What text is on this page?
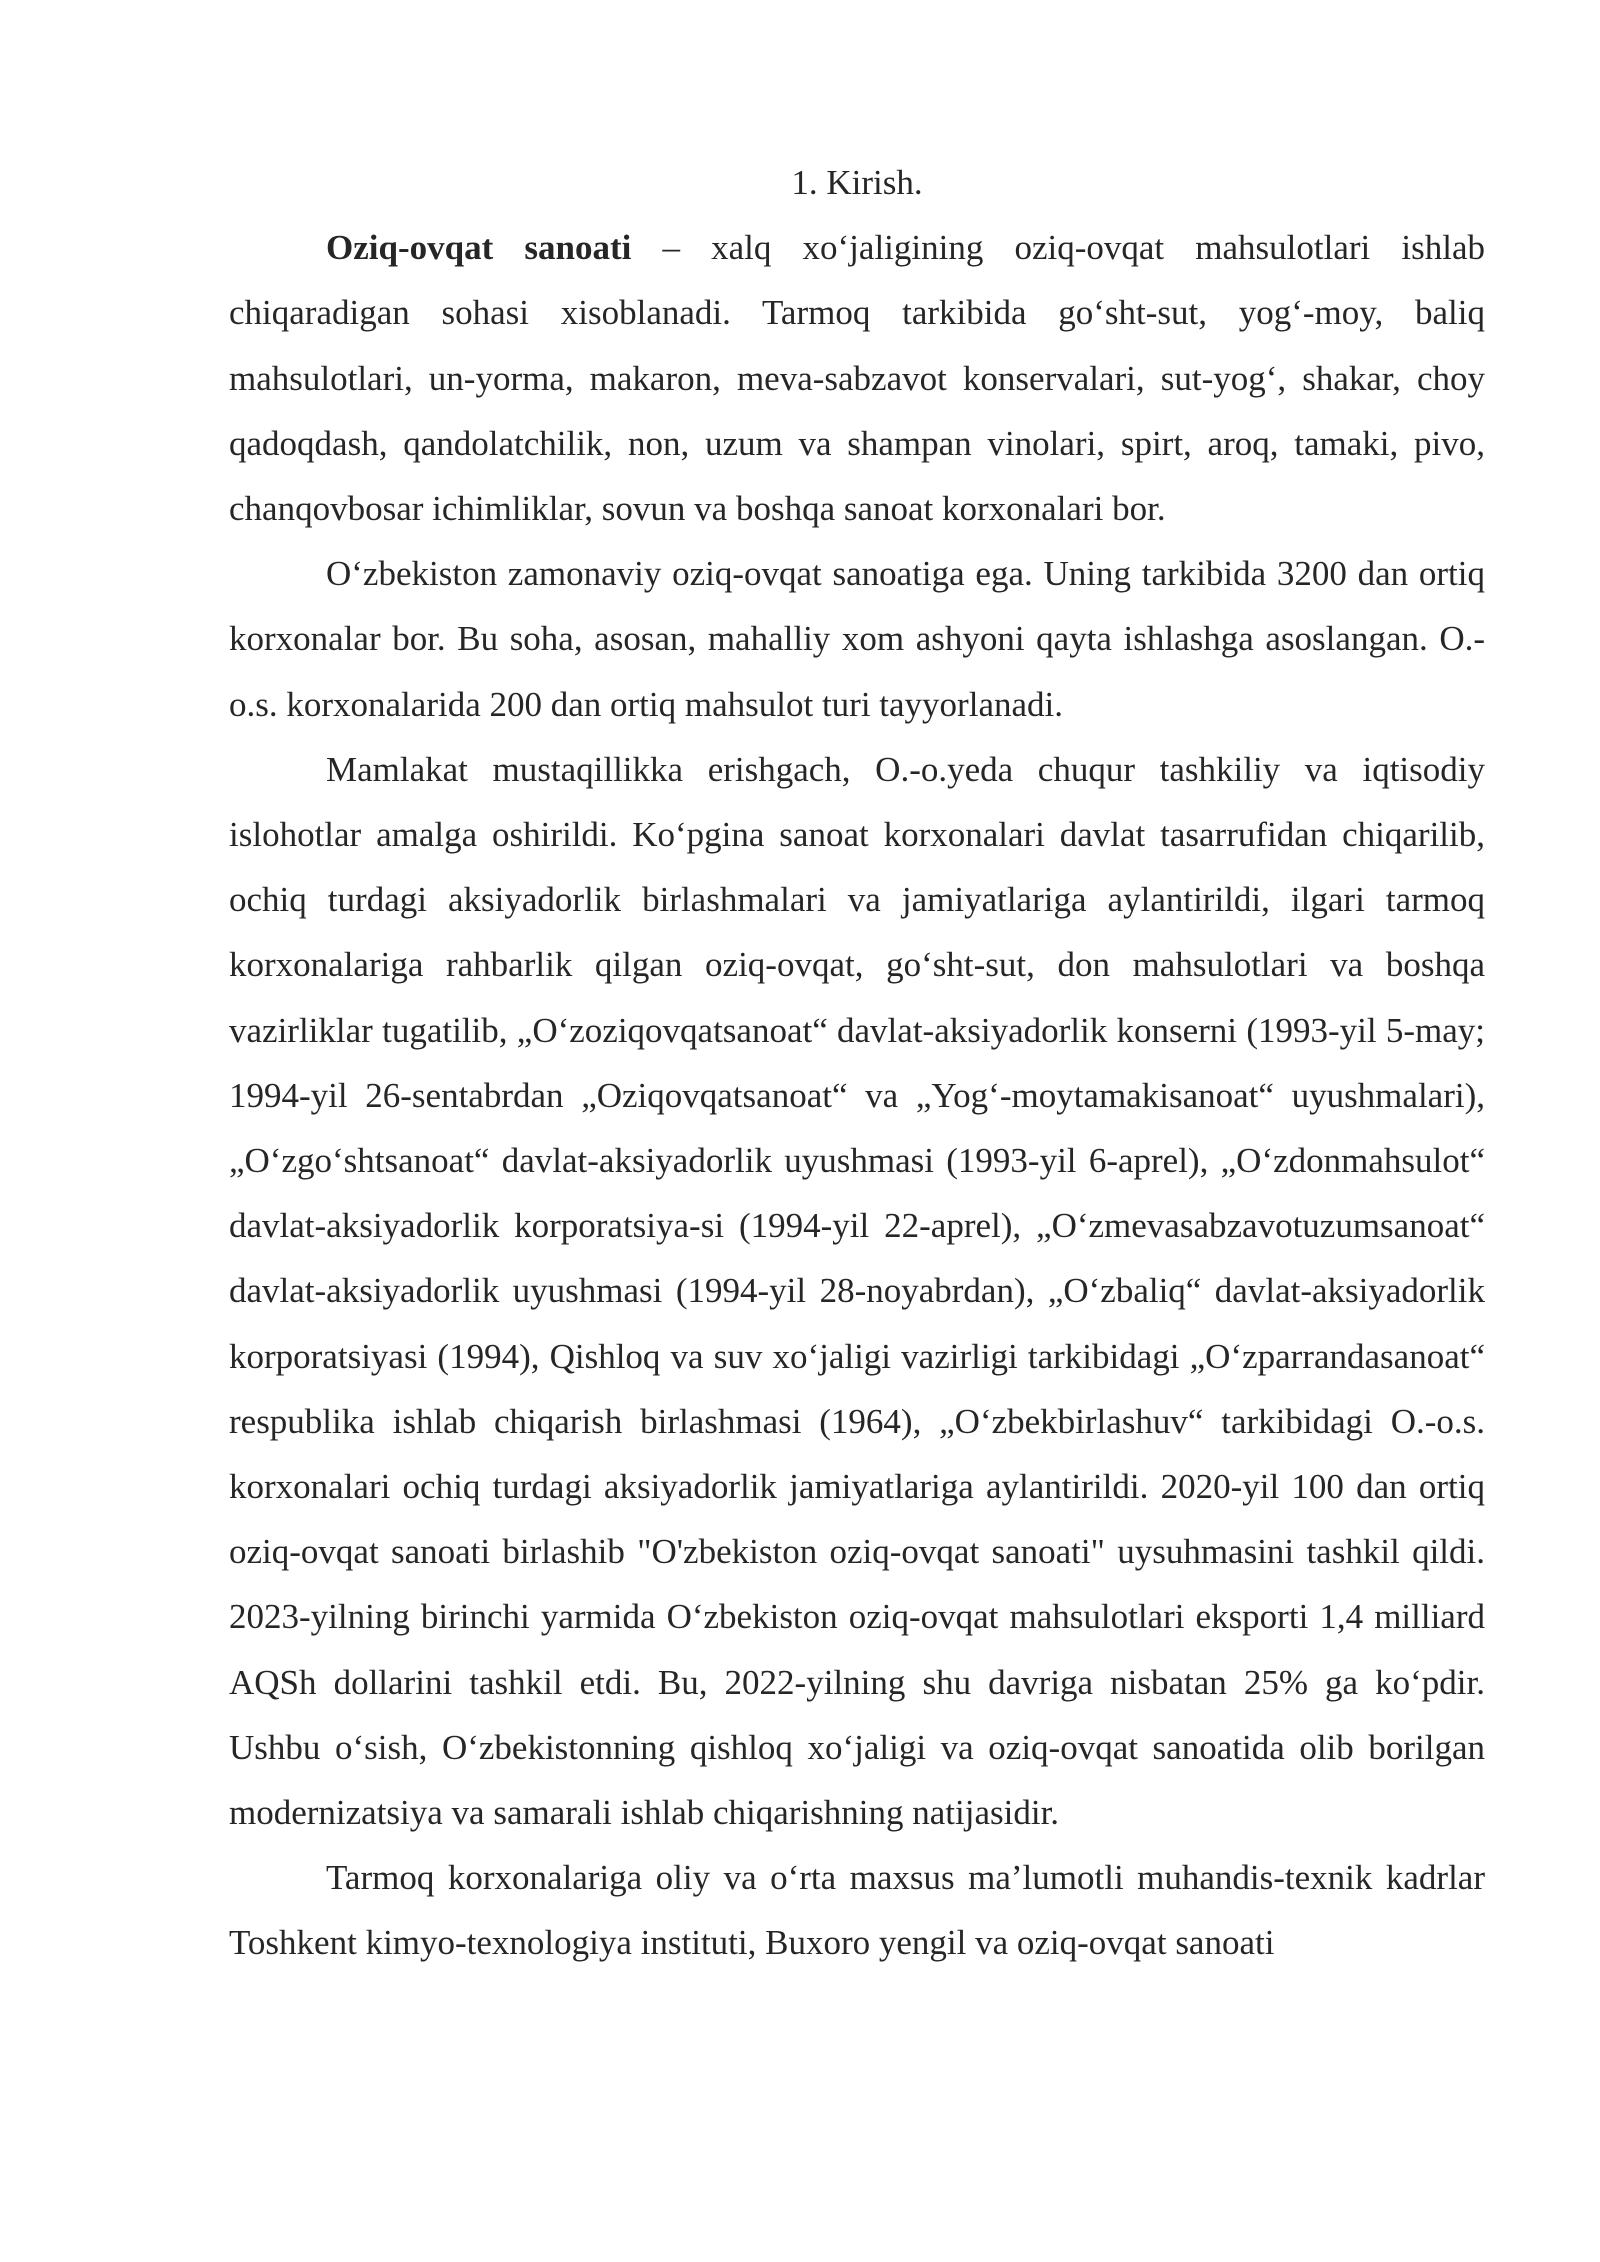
1. Kirish.

Oziq-ovqat sanoati – xalq xo‘jaligining oziq-ovqat mahsulotlari ishlab chiqaradigan sohasi xisoblanadi. Tarmoq tarkibida go‘sht-sut, yog‘-moy, baliq mahsulotlari, un-yorma, makaron, meva-sabzavot konservalari, sut-yog‘, shakar, choy qadoqdash, qandolatchilik, non, uzum va shampan vinolari, spirt, aroq, tamaki, pivo, chanqovbosar ichimliklar, sovun va boshqa sanoat korxonalari bor.

O‘zbekiston zamonaviy oziq-ovqat sanoatiga ega. Uning tarkibida 3200 dan ortiq korxonalar bor. Bu soha, asosan, mahalliy xom ashyoni qayta ishlashga asoslangan. O.-o.s. korxonalarida 200 dan ortiq mahsulot turi tayyorlanadi.

Mamlakat mustaqillikka erishgach, O.-o.yeda chuqur tashkiliy va iqtisodiy islohotlar amalga oshirildi. Ko‘pgina sanoat korxonalari davlat tasarrufidan chiqarilib, ochiq turdagi aksiyadorlik birlashmalari va jamiyatlariga aylantirildi, ilgari tarmoq korxonalariga rahbarlik qilgan oziq-ovqat, go‘sht-sut, don mahsulotlari va boshqa vazirliklar tugatilib, „O‘zoziqovqatsanoat“ davlat-aksiyadorlik konserni (1993-yil 5-may; 1994-yil 26-sentabrdan „Oziqovqatsanoat“ va „Yog‘-moytamakisanoat“ uyushmalari), „O‘zgo‘shtsanoat“ davlat-aksiyadorlik uyushmasi (1993-yil 6-aprel), „O‘zdonmahsulot“ davlat-aksiyadorlik korporatsiya-si (1994-yil 22-aprel), „O‘zmevasabzavotuzumsanoat“ davlat-aksiyadorlik uyushmasi (1994-yil 28-noyabrdan), „O‘zbaliq“ davlat-aksiyadorlik korporatsiyasi (1994), Qishloq va suv xo‘jaligi vazirligi tarkibidagi „O‘zparrandasanoat“ respublika ishlab chiqarish birlashmasi (1964), „O‘zbekbirlashuv“ tarkibidagi O.-o.s. korxonalari ochiq turdagi aksiyadorlik jamiyatlariga aylantirildi. 2020-yil 100 dan ortiq oziq-ovqat sanoati birlashib "O'zbekiston oziq-ovqat sanoati" uysuhmasini tashkil qildi. 2023-yilning birinchi yarmida O‘zbekiston oziq-ovqat mahsulotlari eksporti 1,4 milliard AQSh dollarini tashkil etdi. Bu, 2022-yilning shu davriga nisbatan 25% ga ko‘pdir. Ushbu o‘sish, O‘zbekistonning qishloq xo‘jaligi va oziq-ovqat sanoatida olib borilgan modernizatsiya va samarali ishlab chiqarishning natijasidir.

Tarmoq korxonalariga oliy va o‘rta maxsus ma’lumotli muhandis-texnik kadrlar Toshkent kimyo-texnologiya instituti, Buxoro yengil va oziq-ovqat sanoati
